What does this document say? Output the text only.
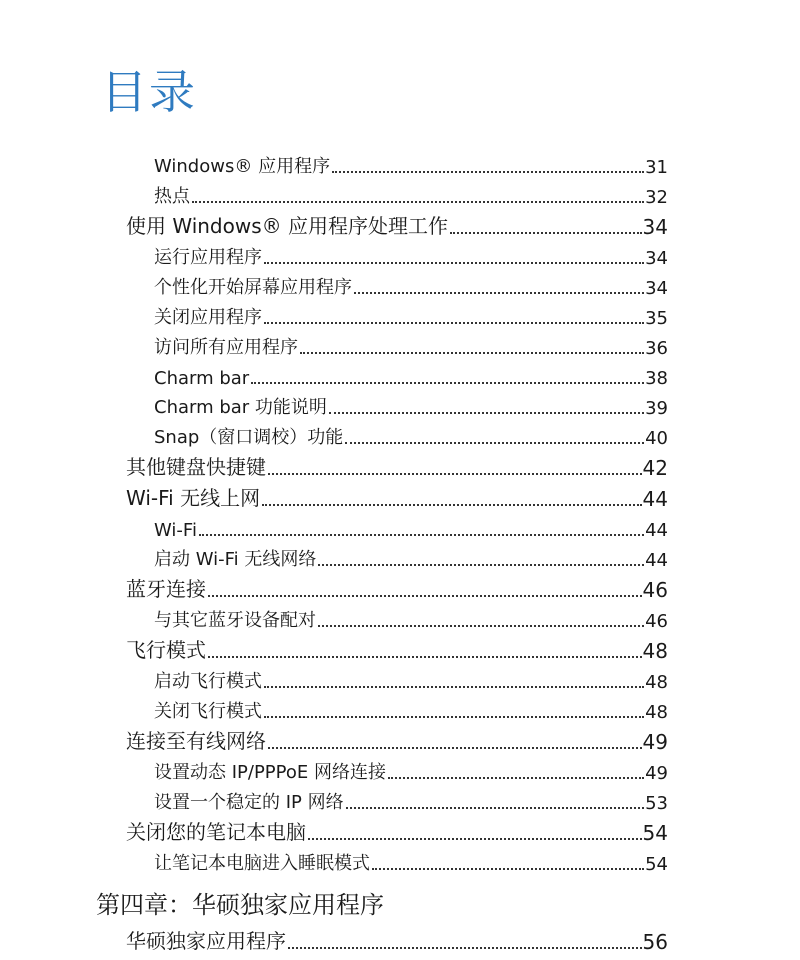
目录
Windows® 应用程序	31
热点	32
使用 Windows® 应用程序处理工作	34
运行应用程序	34
个性化开始屏幕应用程序	34
关闭应用程序	35
访问所有应用程序	36
Charm bar	38
Charm bar 功能说明	39
Snap（窗口调校）功能	40
其他键盘快捷键	42
Wi-Fi 无线上网	44
Wi-Fi	44
启动 Wi-Fi 无线网络	44
蓝牙连接	46
与其它蓝牙设备配对	46
飞行模式	48
启动飞行模式	48
关闭飞行模式	48
连接至有线网络	49
设置动态 IP/PPPoE 网络连接	49
设置一个稳定的 IP 网络	53
关闭您的笔记本电脑	54
让笔记本电脑进入睡眠模式	54
第四章：华硕独家应用程序
华硕独家应用程序	56
